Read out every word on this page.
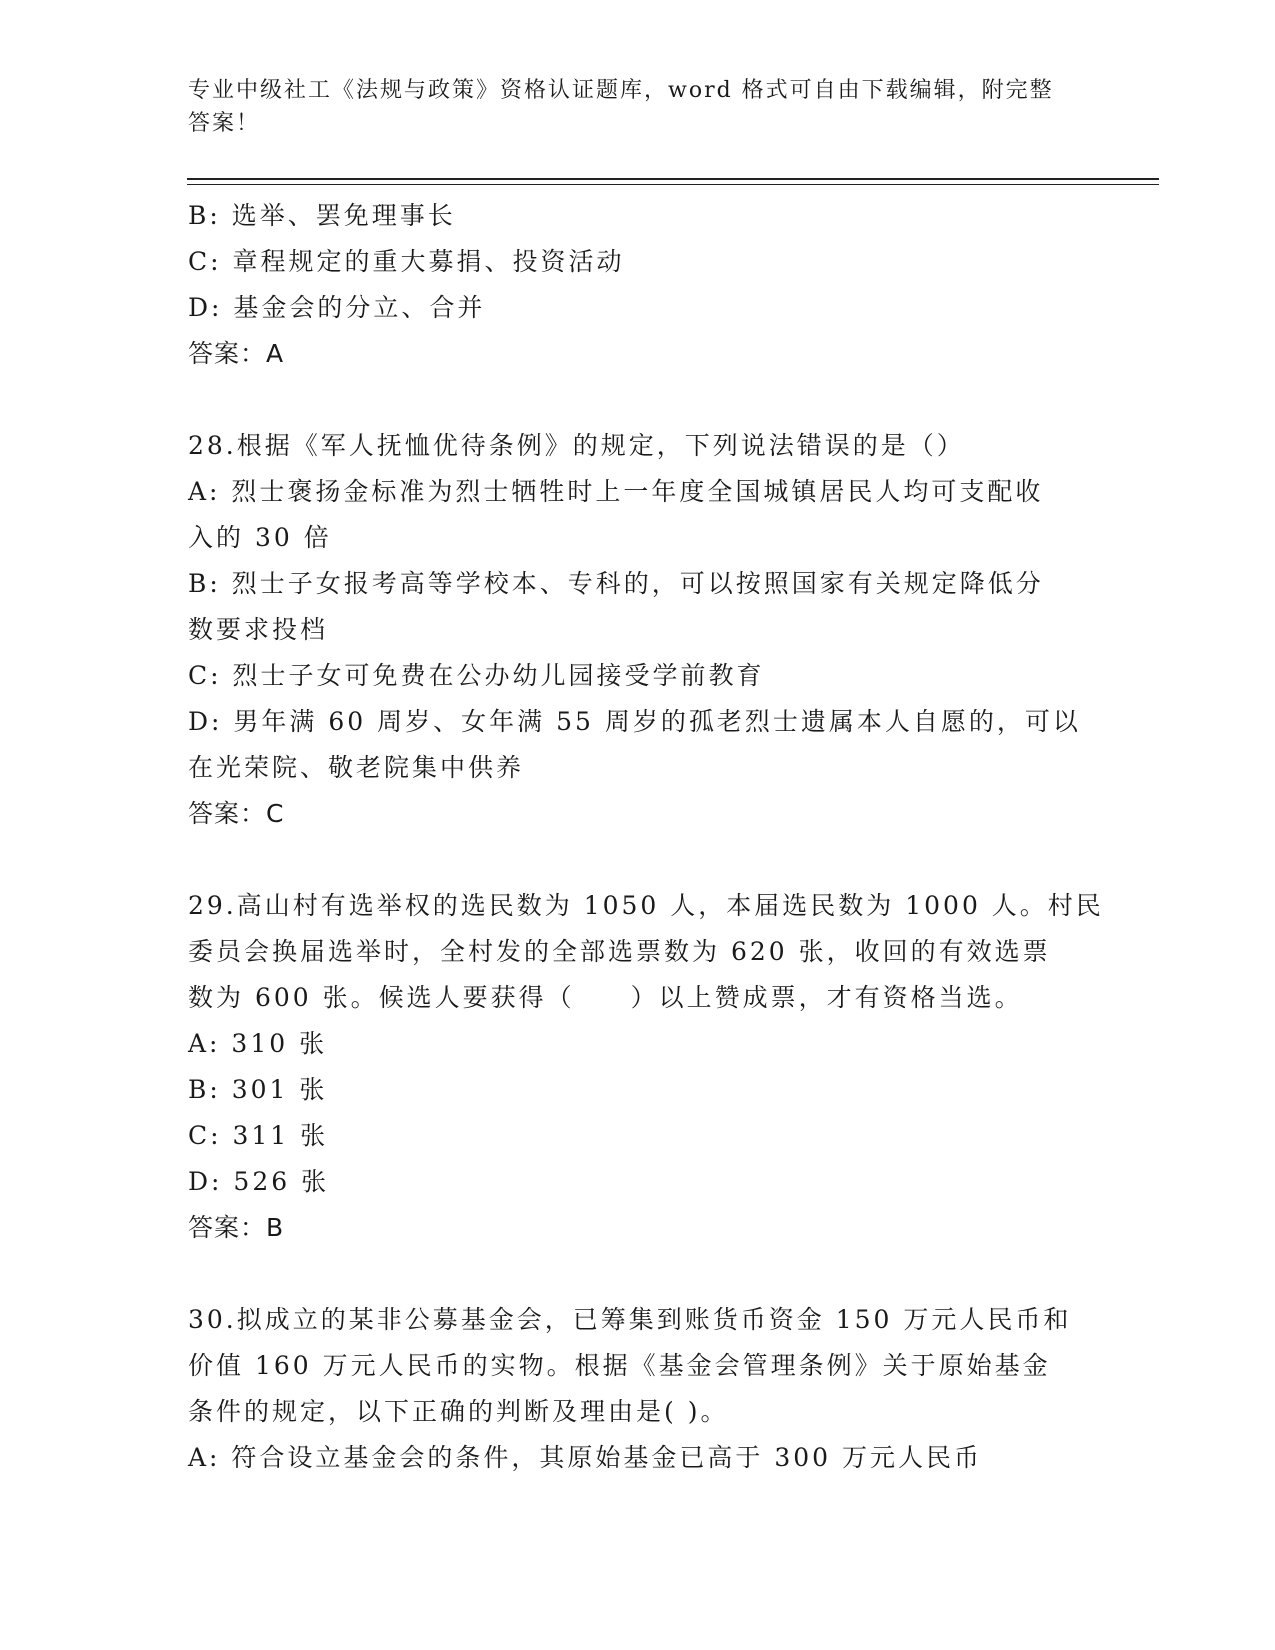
专业中级社工《法规与政策》资格认证题库，word 格式可自由下载编辑，附完整
答案！

B: 选举、罢免理事长

C: 章程规定的重大募捐、投资活动

D: 基金会的分立、合并

答案：A

28.根据《军人抚恤优待条例》的规定，下列说法错误的是（）

A: 烈士褒扬金标准为烈士牺牲时上一年度全国城镇居民人均可支配收

入的 30 倍

B: 烈士子女报考高等学校本、专科的，可以按照国家有关规定降低分

数要求投档

C: 烈士子女可免费在公办幼儿园接受学前教育

D: 男年满 60 周岁、女年满 55 周岁的孤老烈士遗属本人自愿的，可以

在光荣院、敬老院集中供养

答案：C

29.高山村有选举权的选民数为 1050 人，本届选民数为 1000 人。村民

委员会换届选举时，全村发的全部选票数为 620 张，收回的有效选票

数为 600 张。候选人要获得（　　）以上赞成票，才有资格当选。

A: 310 张

B: 301 张

C: 311 张

D: 526 张

答案：B

30.拟成立的某非公募基金会，已筹集到账货币资金 150 万元人民币和

价值 160 万元人民币的实物。根据《基金会管理条例》关于原始基金

条件的规定，以下正确的判断及理由是( )。

A: 符合设立基金会的条件，其原始基金已高于 300 万元人民币
